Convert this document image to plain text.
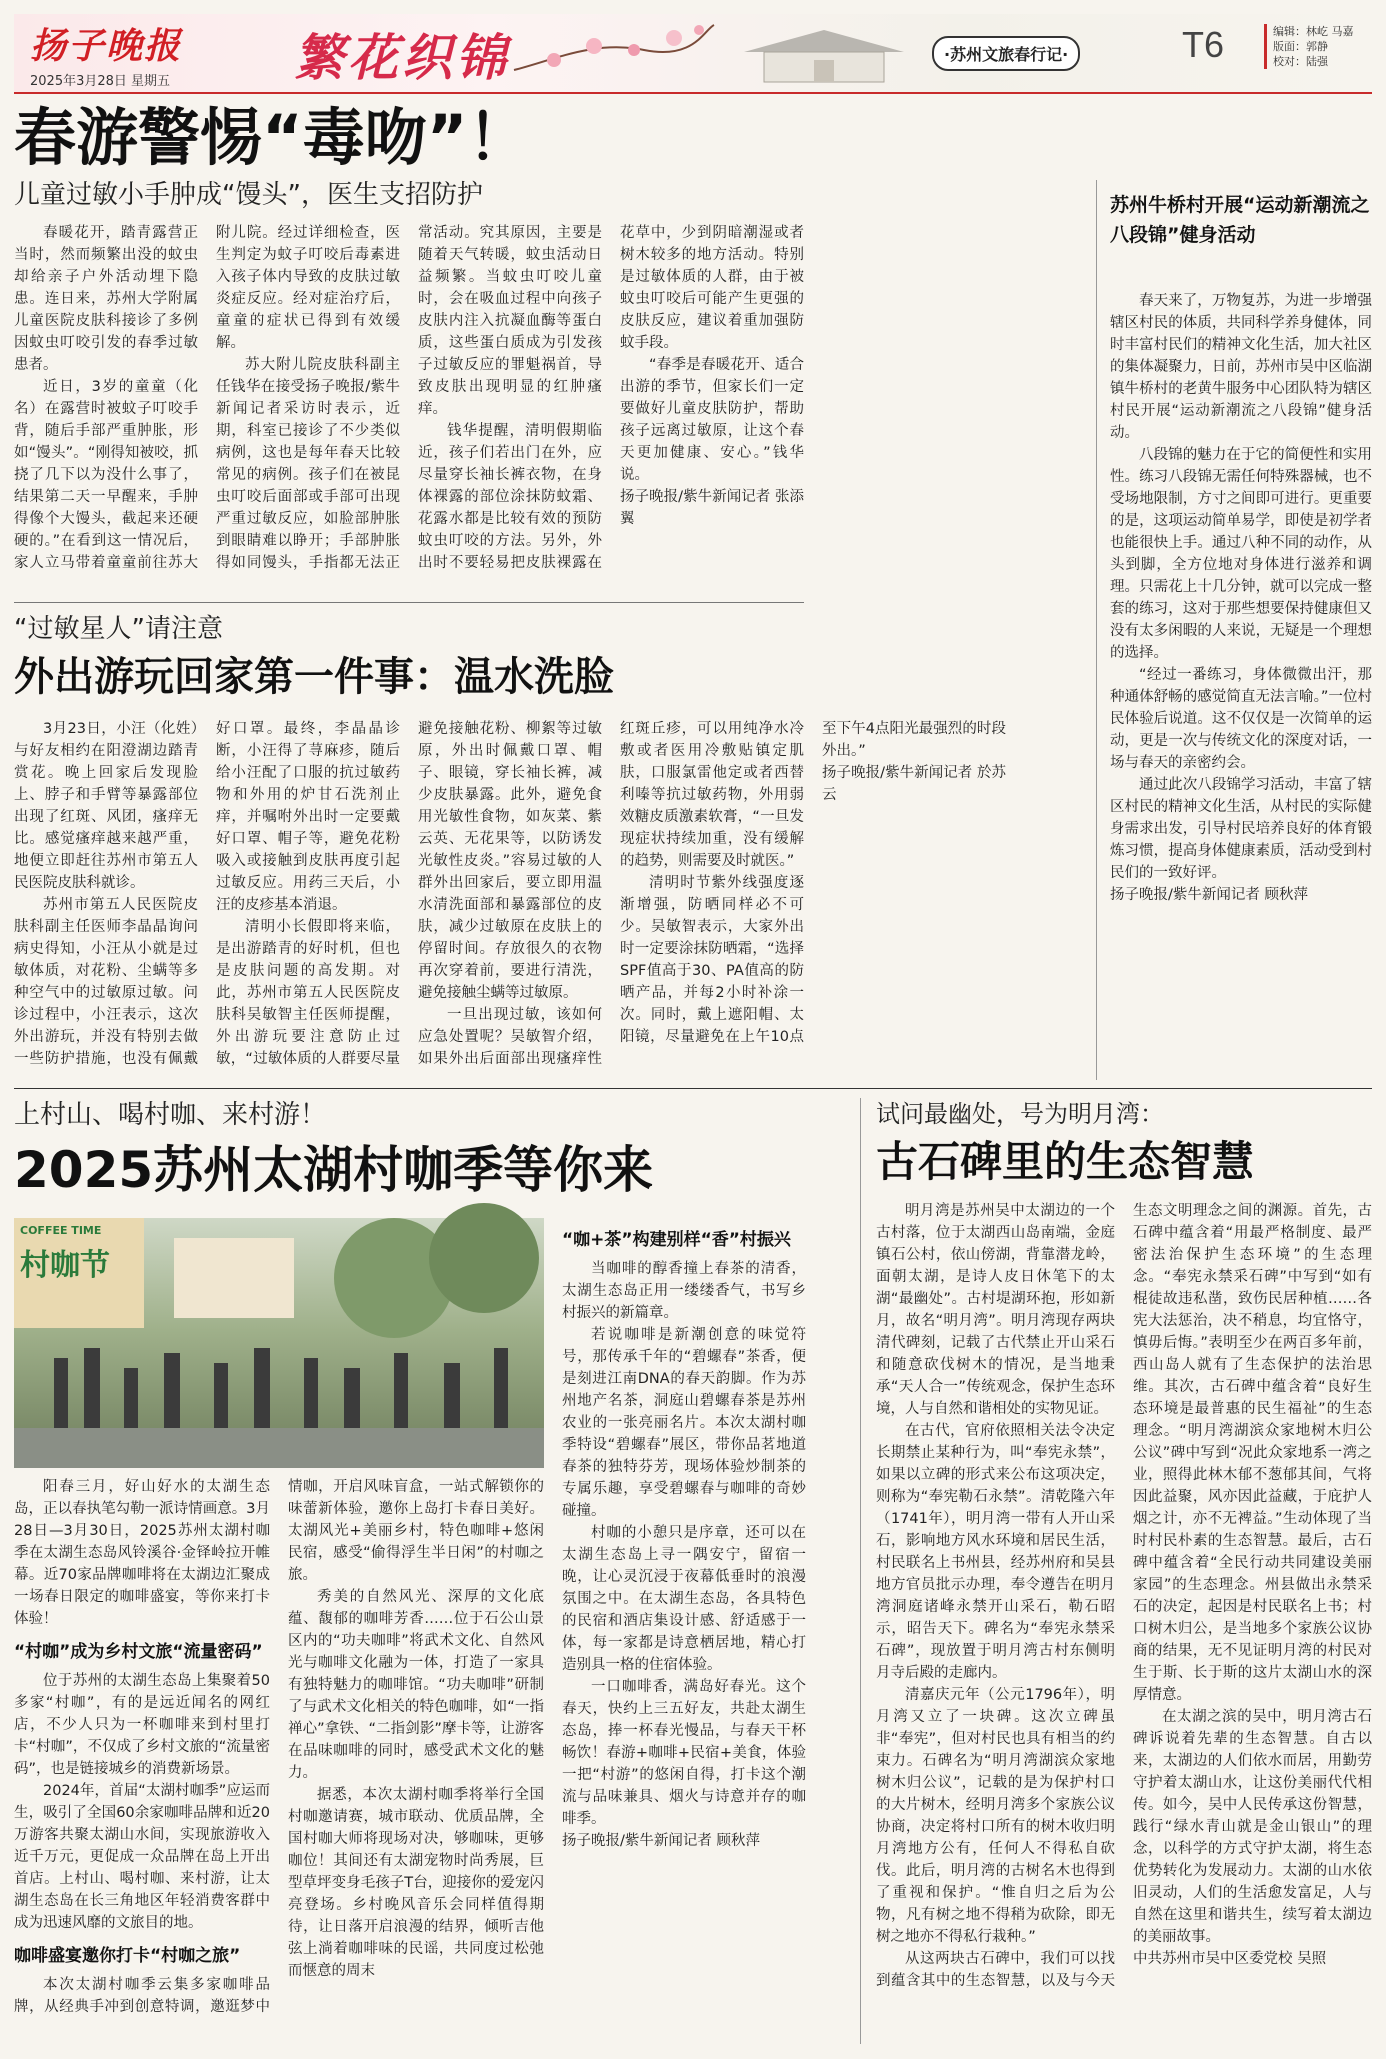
扬子晚报
2025年3月28日 星期五 繁花织锦	·苏州文旅春行记·	T6	编辑：林屹 马嘉
版面：郭静
校对：陆强
春游警惕“毒吻”！
儿童过敏小手肿成“馒头”，医生支招防护

春暖花开，踏青露营正当时，然而频繁出没的蚊虫却给亲子户外活动埋下隐患。连日来，苏州大学附属儿童医院皮肤科接诊了多例因蚊虫叮咬引发的春季过敏患者。

近日，3岁的童童（化名）在露营时被蚊子叮咬手背，随后手部严重肿胀，形如“馒头”。“刚得知被咬，抓挠了几下以为没什么事了，结果第二天一早醒来，手肿得像个大馒头，截起来还硬硬的。”在看到这一情况后，家人立马带着童童前往苏大附儿院。经过详细检查，医生判定为蚊子叮咬后毒素进入孩子体内导致的皮肤过敏炎症反应。经对症治疗后，童童的症状已得到有效缓解。

苏大附儿院皮肤科副主任钱华在接受扬子晚报/紫牛新闻记者采访时表示，近期，科室已接诊了不少类似病例，这也是每年春天比较常见的病例。孩子们在被昆虫叮咬后面部或手部可出现严重过敏反应，如脸部肿胀到眼睛难以睁开；手部肿胀得如同馒头，手指都无法正常活动。究其原因，主要是随着天气转暖，蚊虫活动日益频繁。当蚊虫叮咬儿童时，会在吸血过程中向孩子皮肤内注入抗凝血酶等蛋白质，这些蛋白质成为引发孩子过敏反应的罪魁祸首，导致皮肤出现明显的红肿瘙痒。

钱华提醒，清明假期临近，孩子们若出门在外，应尽量穿长袖长裤衣物，在身体裸露的部位涂抹防蚊霜、花露水都是比较有效的预防蚊虫叮咬的方法。另外，外出时不要轻易把皮肤裸露在花草中，少到阴暗潮湿或者树木较多的地方活动。特别是过敏体质的人群，由于被蚊虫叮咬后可能产生更强的皮肤反应，建议着重加强防蚊手段。

“春季是春暖花开、适合出游的季节，但家长们一定要做好儿童皮肤防护，帮助孩子远离过敏原，让这个春天更加健康、安心。”钱华说。

扬子晚报/紫牛新闻记者 张添翼

“过敏星人”请注意
外出游玩回家第一件事：温水洗脸

3月23日，小汪（化姓）与好友相约在阳澄湖边踏青赏花。晚上回家后发现脸上、脖子和手臂等暴露部位出现了红斑、风团，瘙痒无比。感觉瘙痒越来越严重，地便立即赶往苏州市第五人民医院皮肤科就诊。

苏州市第五人民医院皮肤科副主任医师李晶晶询问病史得知，小汪从小就是过敏体质，对花粉、尘螨等多种空气中的过敏原过敏。问诊过程中，小汪表示，这次外出游玩，并没有特别去做一些防护措施，也没有佩戴好口罩。最终，李晶晶诊断，小汪得了荨麻疹，随后给小汪配了口服的抗过敏药物和外用的炉甘石洗剂止痒，并嘱咐外出时一定要戴好口罩、帽子等，避免花粉吸入或接触到皮肤再度引起过敏反应。用药三天后，小汪的皮疹基本消退。

清明小长假即将来临，是出游踏青的好时机，但也是皮肤问题的高发期。对此，苏州市第五人民医院皮肤科吴敏智主任医师提醒，外出游玩要注意防止过敏，“过敏体质的人群要尽量避免接触花粉、柳絮等过敏原，外出时佩戴口罩、帽子、眼镜，穿长袖长裤，减少皮肤暴露。此外，避免食用光敏性食物，如灰菜、紫云英、无花果等，以防诱发光敏性皮炎。”容易过敏的人群外出回家后，要立即用温水清洗面部和暴露部位的皮肤，减少过敏原在皮肤上的停留时间。存放很久的衣物再次穿着前，要进行清洗，避免接触尘螨等过敏原。

一旦出现过敏，该如何应急处置呢？吴敏智介绍，如果外出后面部出现瘙痒性红斑丘疹，可以用纯净水冷敷或者医用冷敷贴镇定肌肤，口服氯雷他定或者西替利嗪等抗过敏药物，外用弱效糖皮质激素软膏，“一旦发现症状持续加重，没有缓解的趋势，则需要及时就医。”

清明时节紫外线强度逐渐增强，防晒同样必不可少。吴敏智表示，大家外出时一定要涂抹防晒霜，“选择SPF值高于30、PA值高的防晒产品，并每2小时补涂一次。同时，戴上遮阳帽、太阳镜，尽量避免在上午10点至下午4点阳光最强烈的时段外出。”

扬子晚报/紫牛新闻记者 於苏云

苏州牛桥村开展“运动新潮流之八段锦”健身活动

春天来了，万物复苏，为进一步增强辖区村民的体质，共同科学养身健体，同时丰富村民们的精神文化生活，加大社区的集体凝聚力，日前，苏州市吴中区临湖镇牛桥村的老黄牛服务中心团队特为辖区村民开展“运动新潮流之八段锦”健身活动。

八段锦的魅力在于它的简便性和实用性。练习八段锦无需任何特殊器械，也不受场地限制，方寸之间即可进行。更重要的是，这项运动简单易学，即使是初学者也能很快上手。通过八种不同的动作，从头到脚，全方位地对身体进行滋养和调理。只需花上十几分钟，就可以完成一整套的练习，这对于那些想要保持健康但又没有太多闲暇的人来说，无疑是一个理想的选择。

“经过一番练习，身体微微出汗，那种通体舒畅的感觉简直无法言喻。”一位村民体验后说道。这不仅仅是一次简单的运动，更是一次与传统文化的深度对话，一场与春天的亲密约会。

通过此次八段锦学习活动，丰富了辖区村民的精神文化生活，从村民的实际健身需求出发，引导村民培养良好的体育锻炼习惯，提高身体健康素质，活动受到村民们的一致好评。

扬子晚报/紫牛新闻记者 顾秋萍

上村山、喝村咖、来村游！
2025苏州太湖村咖季等你来
COFFEE TIME
村咖节

阳春三月，好山好水的太湖生态岛，正以春执笔勾勒一派诗情画意。3月28日—3月30日，2025苏州太湖村咖季在太湖生态岛风铃溪谷·金铎岭拉开帷幕。近70家品牌咖啡将在太湖边汇聚成一场春日限定的咖啡盛宴，等你来打卡体验！

“村咖”成为乡村文旅“流量密码”

位于苏州的太湖生态岛上集聚着50多家“村咖”，有的是远近闻名的网红店，不少人只为一杯咖啡来到村里打卡“村咖”，不仅成了乡村文旅的“流量密码”，也是链接城乡的消费新场景。

2024年，首届“太湖村咖季”应运而生，吸引了全国60余家咖啡品牌和近20万游客共聚太湖山水间，实现旅游收入近千万元，更促成一众品牌在岛上开出首店。上村山、喝村咖、来村游，让太湖生态岛在长三角地区年轻消费客群中成为迅速风靡的文旅目的地。

咖啡盛宴邀你打卡“村咖之旅”

本次太湖村咖季云集多家咖啡品牌，从经典手冲到创意特调，邀逛梦中情咖，开启风味盲盒，一站式解锁你的味蕾新体验，邀你上岛打卡春日美好。太湖风光+美丽乡村，特色咖啡+悠闲民宿，感受“偷得浮生半日闲”的村咖之旅。

秀美的自然风光、深厚的文化底蕴、馥郁的咖啡芳香……位于石公山景区内的“功夫咖啡”将武术文化、自然风光与咖啡文化融为一体，打造了一家具有独特魅力的咖啡馆。“功夫咖啡”研制了与武术文化相关的特色咖啡，如“一指禅心”拿铁、“二指剑影”摩卡等，让游客在品味咖啡的同时，感受武术文化的魅力。

据悉，本次太湖村咖季将举行全国村咖邀请赛，城市联动、优质品牌，全国村咖大师将现场对决，够咖味，更够咖位！其间还有太湖宠物时尚秀展，巨型草坪变身毛孩子T台，迎接你的爱宠闪亮登场。乡村晚风音乐会同样值得期待，让日落开启浪漫的结界，倾听吉他弦上淌着咖啡味的民谣，共同度过松弛而惬意的周末

“咖+茶”构建别样“香”村振兴

当咖啡的醇香撞上春茶的清香，太湖生态岛正用一缕缕香气，书写乡村振兴的新篇章。

若说咖啡是新潮创意的味觉符号，那传承千年的“碧螺春”茶香，便是刻进江南DNA的春天韵脚。作为苏州地产名茶，洞庭山碧螺春茶是苏州农业的一张亮丽名片。本次太湖村咖季特设“碧螺春”展区，带你品茗地道春茶的独特芬芳，现场体验炒制茶的专属乐趣，享受碧螺春与咖啡的奇妙碰撞。

村咖的小憩只是序章，还可以在太湖生态岛上寻一隅安宁，留宿一晚，让心灵沉浸于夜幕低垂时的浪漫氛围之中。在太湖生态岛，各具特色的民宿和酒店集设计感、舒适感于一体，每一家都是诗意栖居地，精心打造别具一格的住宿体验。

一口咖啡香，满岛好春光。这个春天，快约上三五好友，共赴太湖生态岛，捧一杯春光慢品，与春天干杯畅饮！春游+咖啡+民宿+美食，体验一把“村游”的悠闲自得，打卡这个潮流与品味兼具、烟火与诗意并存的咖啡季。

扬子晚报/紫牛新闻记者 顾秋萍

试问最幽处，号为明月湾：
古石碑里的生态智慧

明月湾是苏州吴中太湖边的一个古村落，位于太湖西山岛南端，金庭镇石公村，依山傍湖，背靠潜龙岭，面朝太湖，是诗人皮日休笔下的太湖“最幽处”。古村堤湖环抱，形如新月，故名“明月湾”。明月湾现存两块清代碑刻，记载了古代禁止开山采石和随意砍伐树木的情况，是当地秉承“天人合一”传统观念，保护生态环境，人与自然和谐相处的实物见证。

在古代，官府依照相关法令决定长期禁止某种行为，叫“奉宪永禁”，如果以立碑的形式来公布这项决定，则称为“奉宪勒石永禁”。清乾隆六年（1741年），明月湾一带有人开山采石，影响地方风水环境和居民生活，村民联名上书州县，经苏州府和吴县地方官员批示办理，奉令遵告在明月湾洞庭诸峰永禁开山采石，勒石昭示，昭告天下。碑名为“奉宪永禁采石碑”，现放置于明月湾古村东侧明月寺后殿的走廊内。

清嘉庆元年（公元1796年），明月湾又立了一块碑。这次立碑虽非“奉宪”，但对村民也具有相当的约束力。石碑名为“明月湾湖滨众家地树木归公议”，记载的是为保护村口的大片树木，经明月湾多个家族公议协商，决定将村口所有的树木收归明月湾地方公有，任何人不得私自砍伐。此后，明月湾的古树名木也得到了重视和保护。“惟自归之后为公物，凡有树之地不得稍为砍除，即无树之地亦不得私行栽种。”

从这两块古石碑中，我们可以找到蕴含其中的生态智慧，以及与今天生态文明理念之间的渊源。首先，古石碑中蕴含着“用最严格制度、最严密法治保护生态环境”的生态理念。“奉宪永禁采石碑”中写到“如有棍徒故违私凿，致伤民居种植……各宪大法惩治，决不稍息，均宜恪守，慎毋后悔。”表明至少在两百多年前，西山岛人就有了生态保护的法治思维。其次，古石碑中蕴含着“良好生态环境是最普惠的民生福祉”的生态理念。“明月湾湖滨众家地树木归公公议”碑中写到“况此众家地系一湾之业，照得此林木郁不葱郁其间，气将因此益聚，风亦因此益藏，于庇护人烟之计，亦不无裨益。”生动体现了当时村民朴素的生态智慧。最后，古石碑中蕴含着“全民行动共同建设美丽家园”的生态理念。州县做出永禁采石的决定，起因是村民联名上书；村口树木归公，是当地多个家族公议协商的结果，无不见证明月湾的村民对生于斯、长于斯的这片太湖山水的深厚情意。

在太湖之滨的吴中，明月湾古石碑诉说着先辈的生态智慧。自古以来，太湖边的人们依水而居，用勤劳守护着太湖山水，让这份美丽代代相传。如今，吴中人民传承这份智慧，践行“绿水青山就是金山银山”的理念，以科学的方式守护太湖，将生态优势转化为发展动力。太湖的山水依旧灵动，人们的生活愈发富足，人与自然在这里和谐共生，续写着太湖边的美丽故事。

中共苏州市吴中区委党校 吴照
